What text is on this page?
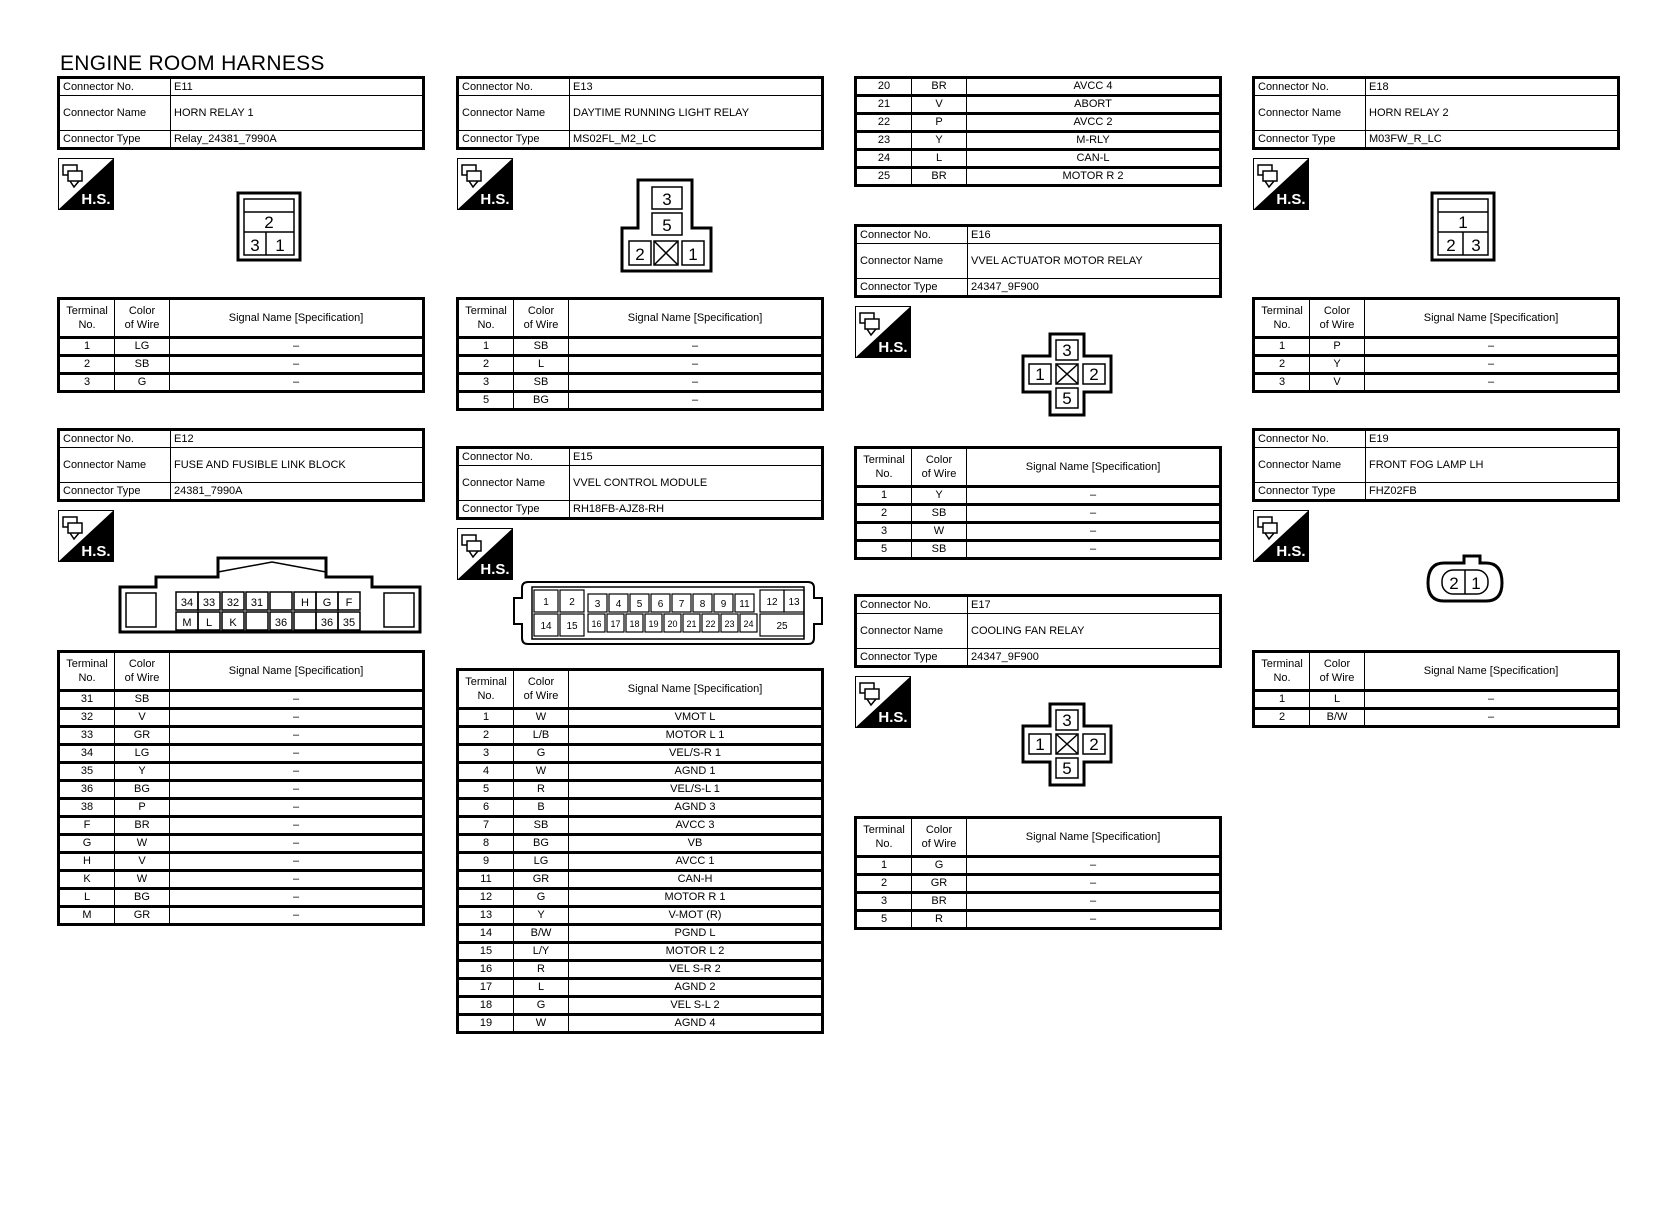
ENGINE ROOM HARNESS
Connector No.	E11
Connector Name	HORN RELAY 1
Connector Type	Relay_24381_7990A
H.S.
2
3 1
Terminal
No.	Color
of Wire	Signal Name [Specification]
1	LG	–
2	SB	–
3	G	–
Connector No.	E12
Connector Name	FUSE AND FUSIBLE LINK BLOCK
Connector Type	24381_7990A
H.S.
34 33 32 31	H G F
M L K	36	36 35
Terminal
No.	Color
of Wire	Signal Name [Specification]
31	SB	–
32	V	–
33	GR	–
34	LG	–
35	Y	–
36	BG	–
38	P	–
F	BR	–
G	W	–
H	V	–
K	W	–
L	BG	–
M	GR	–
Connector No.	E13
Connector Name	DAYTIME RUNNING LIGHT RELAY
Connector Type	MS02FL_M2_LC
H.S.	3
5
2	1
Terminal
No.	Color
of Wire	Signal Name [Specification]
1	SB	–
2	L	–
3	SB	–
5	BG	–
Connector No.	E15
Connector Name	VVEL CONTROL MODULE
Connector Type	RH18FB-AJZ8-RH
H.S.
1 2
14 15
3 4 5 6 7 8 9 11
16 17 18 19 20 21 22 23 24
12 13
25
Terminal
No.	Color
of Wire	Signal Name [Specification]
1	W	VMOT L
2	L/B	MOTOR L 1
3	G	VEL/S-R 1
4	W	AGND 1
5	R	VEL/S-L 1
6	B	AGND 3
7	SB	AVCC 3
8	BG	VB
9	LG	AVCC 1
11	GR	CAN-H
12	G	MOTOR R 1
13	Y	V-MOT (R)
14	B/W	PGND L
15	L/Y	MOTOR L 2
16	R	VEL S-R 2
17	L	AGND 2
18	G	VEL S-L 2
19	W	AGND 4
20	BR	AVCC 4
21	V	ABORT
22	P	AVCC 2
23	Y	M-RLY
24	L	CAN-L
25	BR	MOTOR R 2
Connector No.	E16
Connector Name	VVEL ACTUATOR MOTOR RELAY
Connector Type	24347_9F900
H.S.	3
1	2
5
Terminal
No.	Color
of Wire	Signal Name [Specification]
1	Y	–
2	SB	–
3	W	–
5	SB	–
Connector No.	E17
Connector Name	COOLING FAN RELAY
Connector Type	24347_9F900
H.S.	3
1	2
5
Terminal
No.	Color
of Wire	Signal Name [Specification]
1	G	–
2	GR	–
3	BR	–
5	R	–
Connector No.	E18
Connector Name	HORN RELAY 2
Connector Type	M03FW_R_LC
H.S.
1
2 3
Terminal
No.	Color
of Wire	Signal Name [Specification]
1	P	–
2	Y	–
3	V	–
Connector No.	E19
Connector Name	FRONT FOG LAMP LH
Connector Type	FHZ02FB
H.S.
2 1
Terminal
No.	Color
of Wire	Signal Name [Specification]
1	L	–
2	B/W	–
